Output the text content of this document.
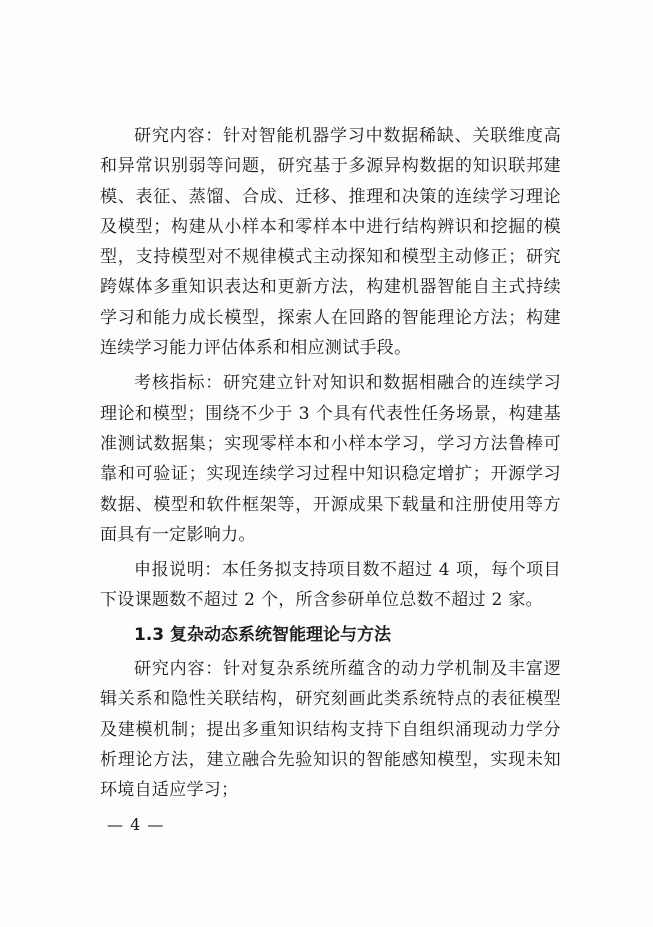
研究内容：针对智能机器学习中数据稀缺、关联维度高和异常识别弱等问题，研究基于多源异构数据的知识联邦建模、表征、蒸馏、合成、迁移、推理和决策的连续学习理论及模型；构建从小样本和零样本中进行结构辨识和挖掘的模型，支持模型对不规律模式主动探知和模型主动修正；研究跨媒体多重知识表达和更新方法，构建机器智能自主式持续学习和能力成长模型，探索人在回路的智能理论方法；构建连续学习能力评估体系和相应测试手段。

考核指标：研究建立针对知识和数据相融合的连续学习理论和模型；围绕不少于 3 个具有代表性任务场景，构建基准测试数据集；实现零样本和小样本学习，学习方法鲁棒可靠和可验证；实现连续学习过程中知识稳定增扩；开源学习数据、模型和软件框架等，开源成果下载量和注册使用等方面具有一定影响力。

申报说明：本任务拟支持项目数不超过 4 项，每个项目下设课题数不超过 2 个，所含参研单位总数不超过 2 家。

1.3 复杂动态系统智能理论与方法

研究内容：针对复杂系统所蕴含的动力学机制及丰富逻辑关系和隐性关联结构，研究刻画此类系统特点的表征模型及建模机制；提出多重知识结构支持下自组织涌现动力学分析理论方法，建立融合先验知识的智能感知模型，实现未知环境自适应学习；

— 4 —
